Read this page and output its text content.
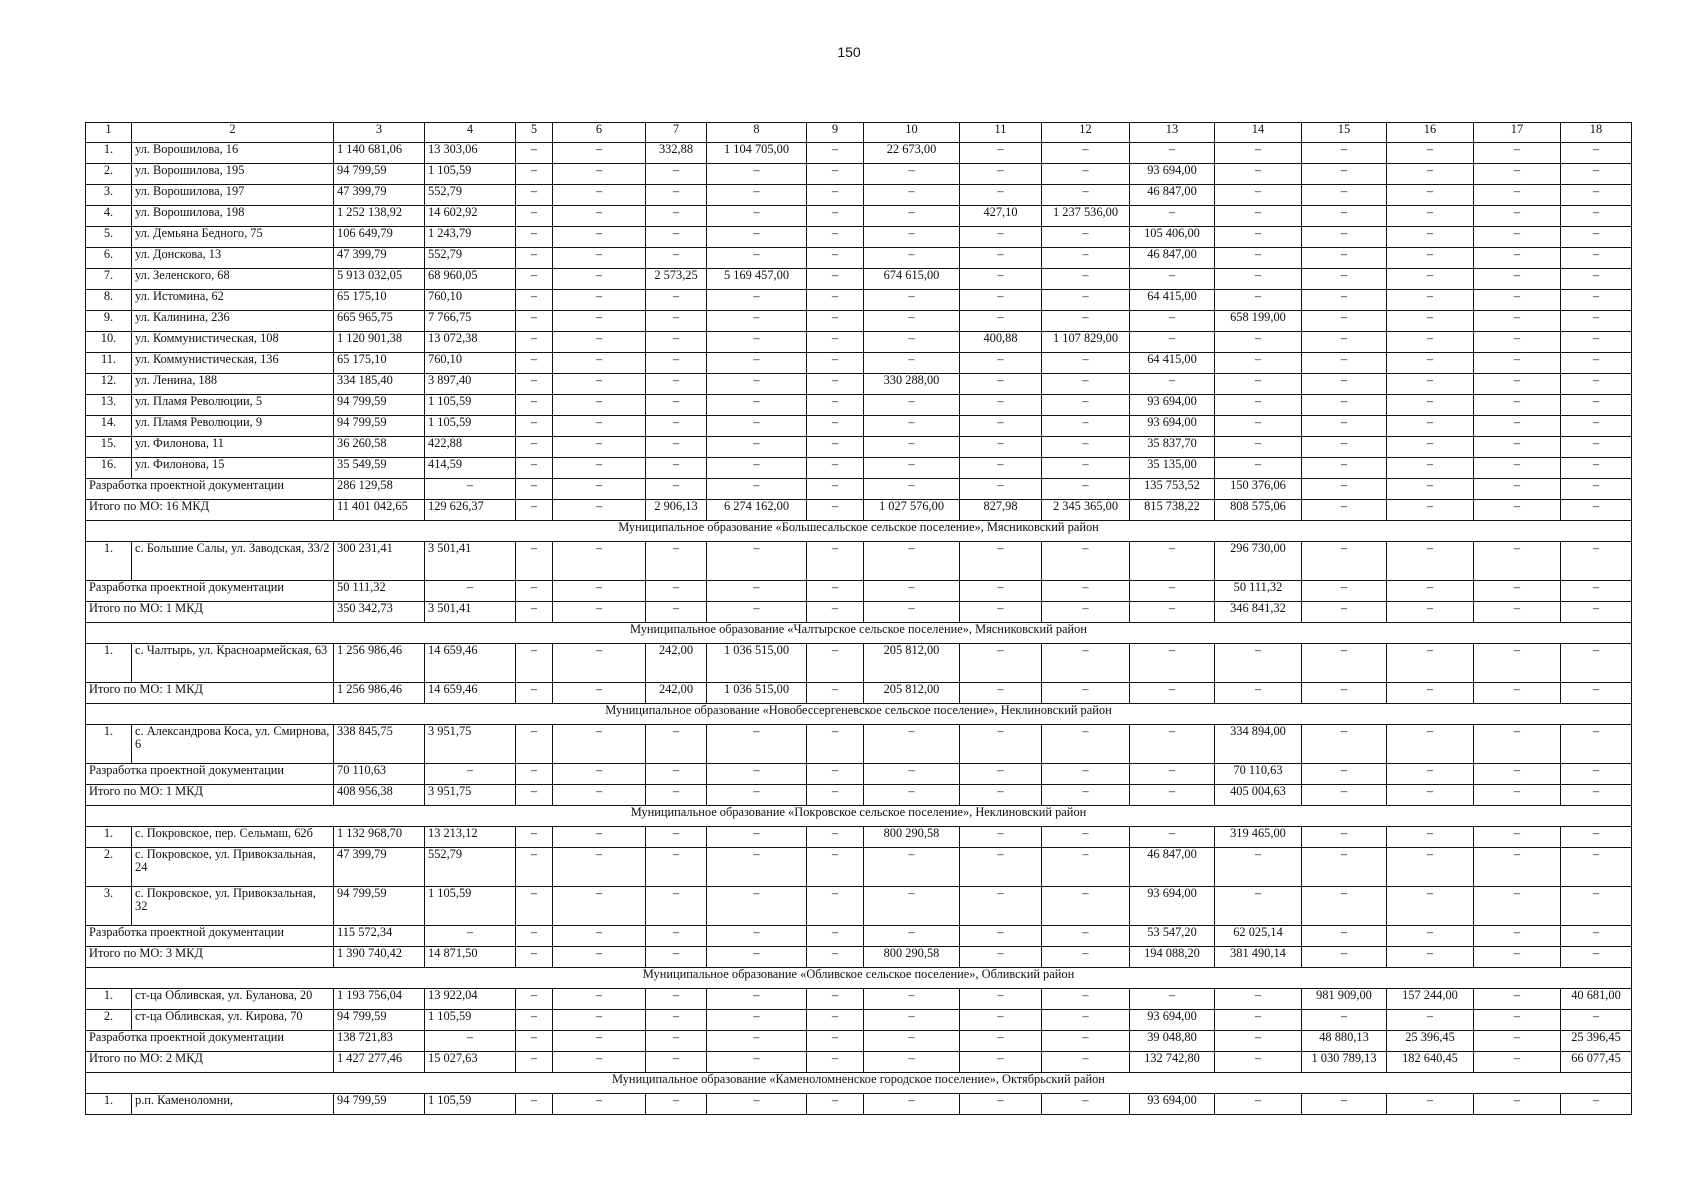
150
1	2	3	4	5	6	7	8	9	10	11	12	13	14	15	16	17	18
1.	ул. Ворошилова, 16	1 140 681,06	13 303,06	–	–	332,88	1 104 705,00	–	22 673,00	–	–	–	–	–	–	–	–
2.	ул. Ворошилова, 195	94 799,59	1 105,59	–	–	–	–	–	–	–	–	93 694,00	–	–	–	–	–
3.	ул. Ворошилова, 197	47 399,79	552,79	–	–	–	–	–	–	–	–	46 847,00	–	–	–	–	–
4.	ул. Ворошилова, 198	1 252 138,92	14 602,92	–	–	–	–	–	–	427,10	1 237 536,00	–	–	–	–	–	–
5.	ул. Демьяна Бедного, 75	106 649,79	1 243,79	–	–	–	–	–	–	–	–	105 406,00	–	–	–	–	–
6.	ул. Донскова, 13	47 399,79	552,79	–	–	–	–	–	–	–	–	46 847,00	–	–	–	–	–
7.	ул. Зеленского, 68	5 913 032,05	68 960,05	–	–	2 573,25	5 169 457,00	–	674 615,00	–	–	–	–	–	–	–	–
8.	ул. Истомина, 62	65 175,10	760,10	–	–	–	–	–	–	–	–	64 415,00	–	–	–	–	–
9.	ул. Калинина, 236	665 965,75	7 766,75	–	–	–	–	–	–	–	–	–	658 199,00	–	–	–	–
10.	ул. Коммунистическая, 108	1 120 901,38	13 072,38	–	–	–	–	–	–	400,88	1 107 829,00	–	–	–	–	–	–
11.	ул. Коммунистическая, 136	65 175,10	760,10	–	–	–	–	–	–	–	–	64 415,00	–	–	–	–	–
12.	ул. Ленина, 188	334 185,40	3 897,40	–	–	–	–	–	330 288,00	–	–	–	–	–	–	–	–
13.	ул. Пламя Революции, 5	94 799,59	1 105,59	–	–	–	–	–	–	–	–	93 694,00	–	–	–	–	–
14.	ул. Пламя Революции, 9	94 799,59	1 105,59	–	–	–	–	–	–	–	–	93 694,00	–	–	–	–	–
15.	ул. Филонова, 11	36 260,58	422,88	–	–	–	–	–	–	–	–	35 837,70	–	–	–	–	–
16.	ул. Филонова, 15	35 549,59	414,59	–	–	–	–	–	–	–	–	35 135,00	–	–	–	–	–
Разработка проектной документации		286 129,58	–	–	–	–	–	–	–	–	–	135 753,52	150 376,06	–	–	–	–
Итого по МО: 16 МКД		11 401 042,65	129 626,37	–	–	2 906,13	6 274 162,00	–	1 027 576,00	827,98	2 345 365,00	815 738,22	808 575,06	–	–	–	–
Муниципальное образование «Большесальское сельское поселение», Мясниковский район																	
1.	с. Большие Салы, ул. Заводская, 33/2	300 231,41	3 501,41	–	–	–	–	–	–	–	–	–	296 730,00	–	–	–	–
Разработка проектной документации		50 111,32	–	–	–	–	–	–	–	–	–	–	50 111,32	–	–	–	–
Итого по МО: 1 МКД		350 342,73	3 501,41	–	–	–	–	–	–	–	–	–	346 841,32	–	–	–	–
Муниципальное образование «Чалтырское сельское поселение», Мясниковский район																	
1.	с. Чалтырь, ул. Красноармейская, 63	1 256 986,46	14 659,46	–	–	242,00	1 036 515,00	–	205 812,00	–	–	–	–	–	–	–	–
Итого по МО: 1 МКД		1 256 986,46	14 659,46	–	–	242,00	1 036 515,00	–	205 812,00	–	–	–	–	–	–	–	–
Муниципальное образование «Новобессергеневское сельское поселение», Неклиновский район																	
1.	с. Александрова Коса, ул. Смирнова, 6	338 845,75	3 951,75	–	–	–	–	–	–	–	–	–	334 894,00	–	–	–	–
Разработка проектной документации		70 110,63	–	–	–	–	–	–	–	–	–	–	70 110,63	–	–	–	–
Итого по МО: 1 МКД		408 956,38	3 951,75	–	–	–	–	–	–	–	–	–	405 004,63	–	–	–	–
Муниципальное образование «Покровское сельское поселение», Неклиновский район																	
1.	с. Покровское, пер. Сельмаш, 62б	1 132 968,70	13 213,12	–	–	–	–	–	800 290,58	–	–	–	319 465,00	–	–	–	–
2.	с. Покровское, ул. Привокзальная, 24	47 399,79	552,79	–	–	–	–	–	–	–	–	46 847,00	–	–	–	–	–
3.	с. Покровское, ул. Привокзальная, 32	94 799,59	1 105,59	–	–	–	–	–	–	–	–	93 694,00	–	–	–	–	–
Разработка проектной документации		115 572,34	–	–	–	–	–	–	–	–	–	53 547,20	62 025,14	–	–	–	–
Итого по МО: 3 МКД		1 390 740,42	14 871,50	–	–	–	–	–	800 290,58	–	–	194 088,20	381 490,14	–	–	–	–
Муниципальное образование «Обливское сельское поселение», Обливский район																	
1.	ст-ца Обливская, ул. Буланова, 20	1 193 756,04	13 922,04	–	–	–	–	–	–	–	–	–	–	981 909,00	157 244,00	–	40 681,00
2.	ст-ца Обливская, ул. Кирова, 70	94 799,59	1 105,59	–	–	–	–	–	–	–	–	93 694,00	–	–	–	–	–
Разработка проектной документации		138 721,83	–	–	–	–	–	–	–	–	–	39 048,80	–	48 880,13	25 396,45	–	25 396,45
Итого по МО: 2 МКД		1 427 277,46	15 027,63	–	–	–	–	–	–	–	–	132 742,80	–	1 030 789,13	182 640,45	–	66 077,45
Муниципальное образование «Каменоломненское городское поселение», Октябрьский район																	
1.	р.п. Каменоломни,	94 799,59	1 105,59	–	–	–	–	–	–	–	–	93 694,00	–	–	–	–	–
